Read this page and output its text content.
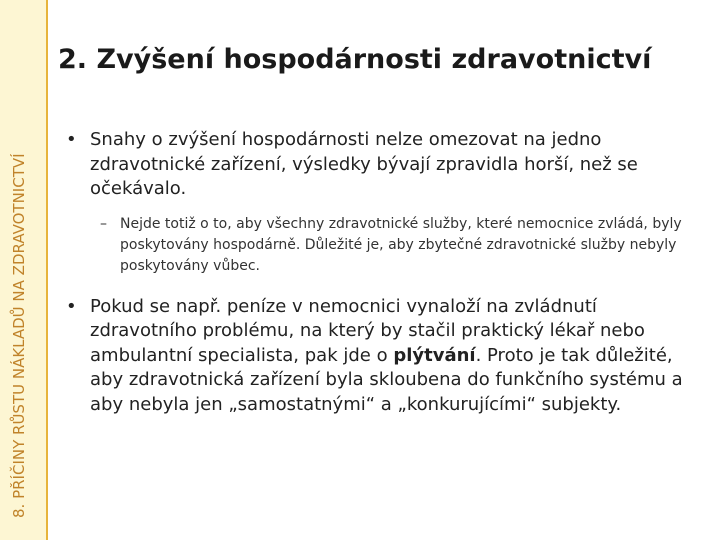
8. PŘÍČINY RŮSTU NÁKLADŮ NA ZDRAVOTNICTVÍ
2. Zvýšení hospodárnosti zdravotnictví

• Snahy o zvýšení hospodárnosti nelze omezovat na jedno zdravotnické zařízení, výsledky bývají zpravidla horší, než se očekávalo.

– Nejde totiž o to, aby všechny zdravotnické služby, které nemocnice zvládá, byly poskytovány hospodárně. Důležité je, aby zbytečné zdravotnické služby nebyly poskytovány vůbec.

• Pokud se např. peníze v nemocnici vynaloží na zvládnutí zdravotního problému, na který by stačil praktický lékař nebo ambulantní specialista, pak jde o plýtvání. Proto je tak důležité, aby zdravotnická zařízení byla skloubena do funkčního systému a aby nebyla jen „samostatnými“ a „konkurujícími“ subjekty.
